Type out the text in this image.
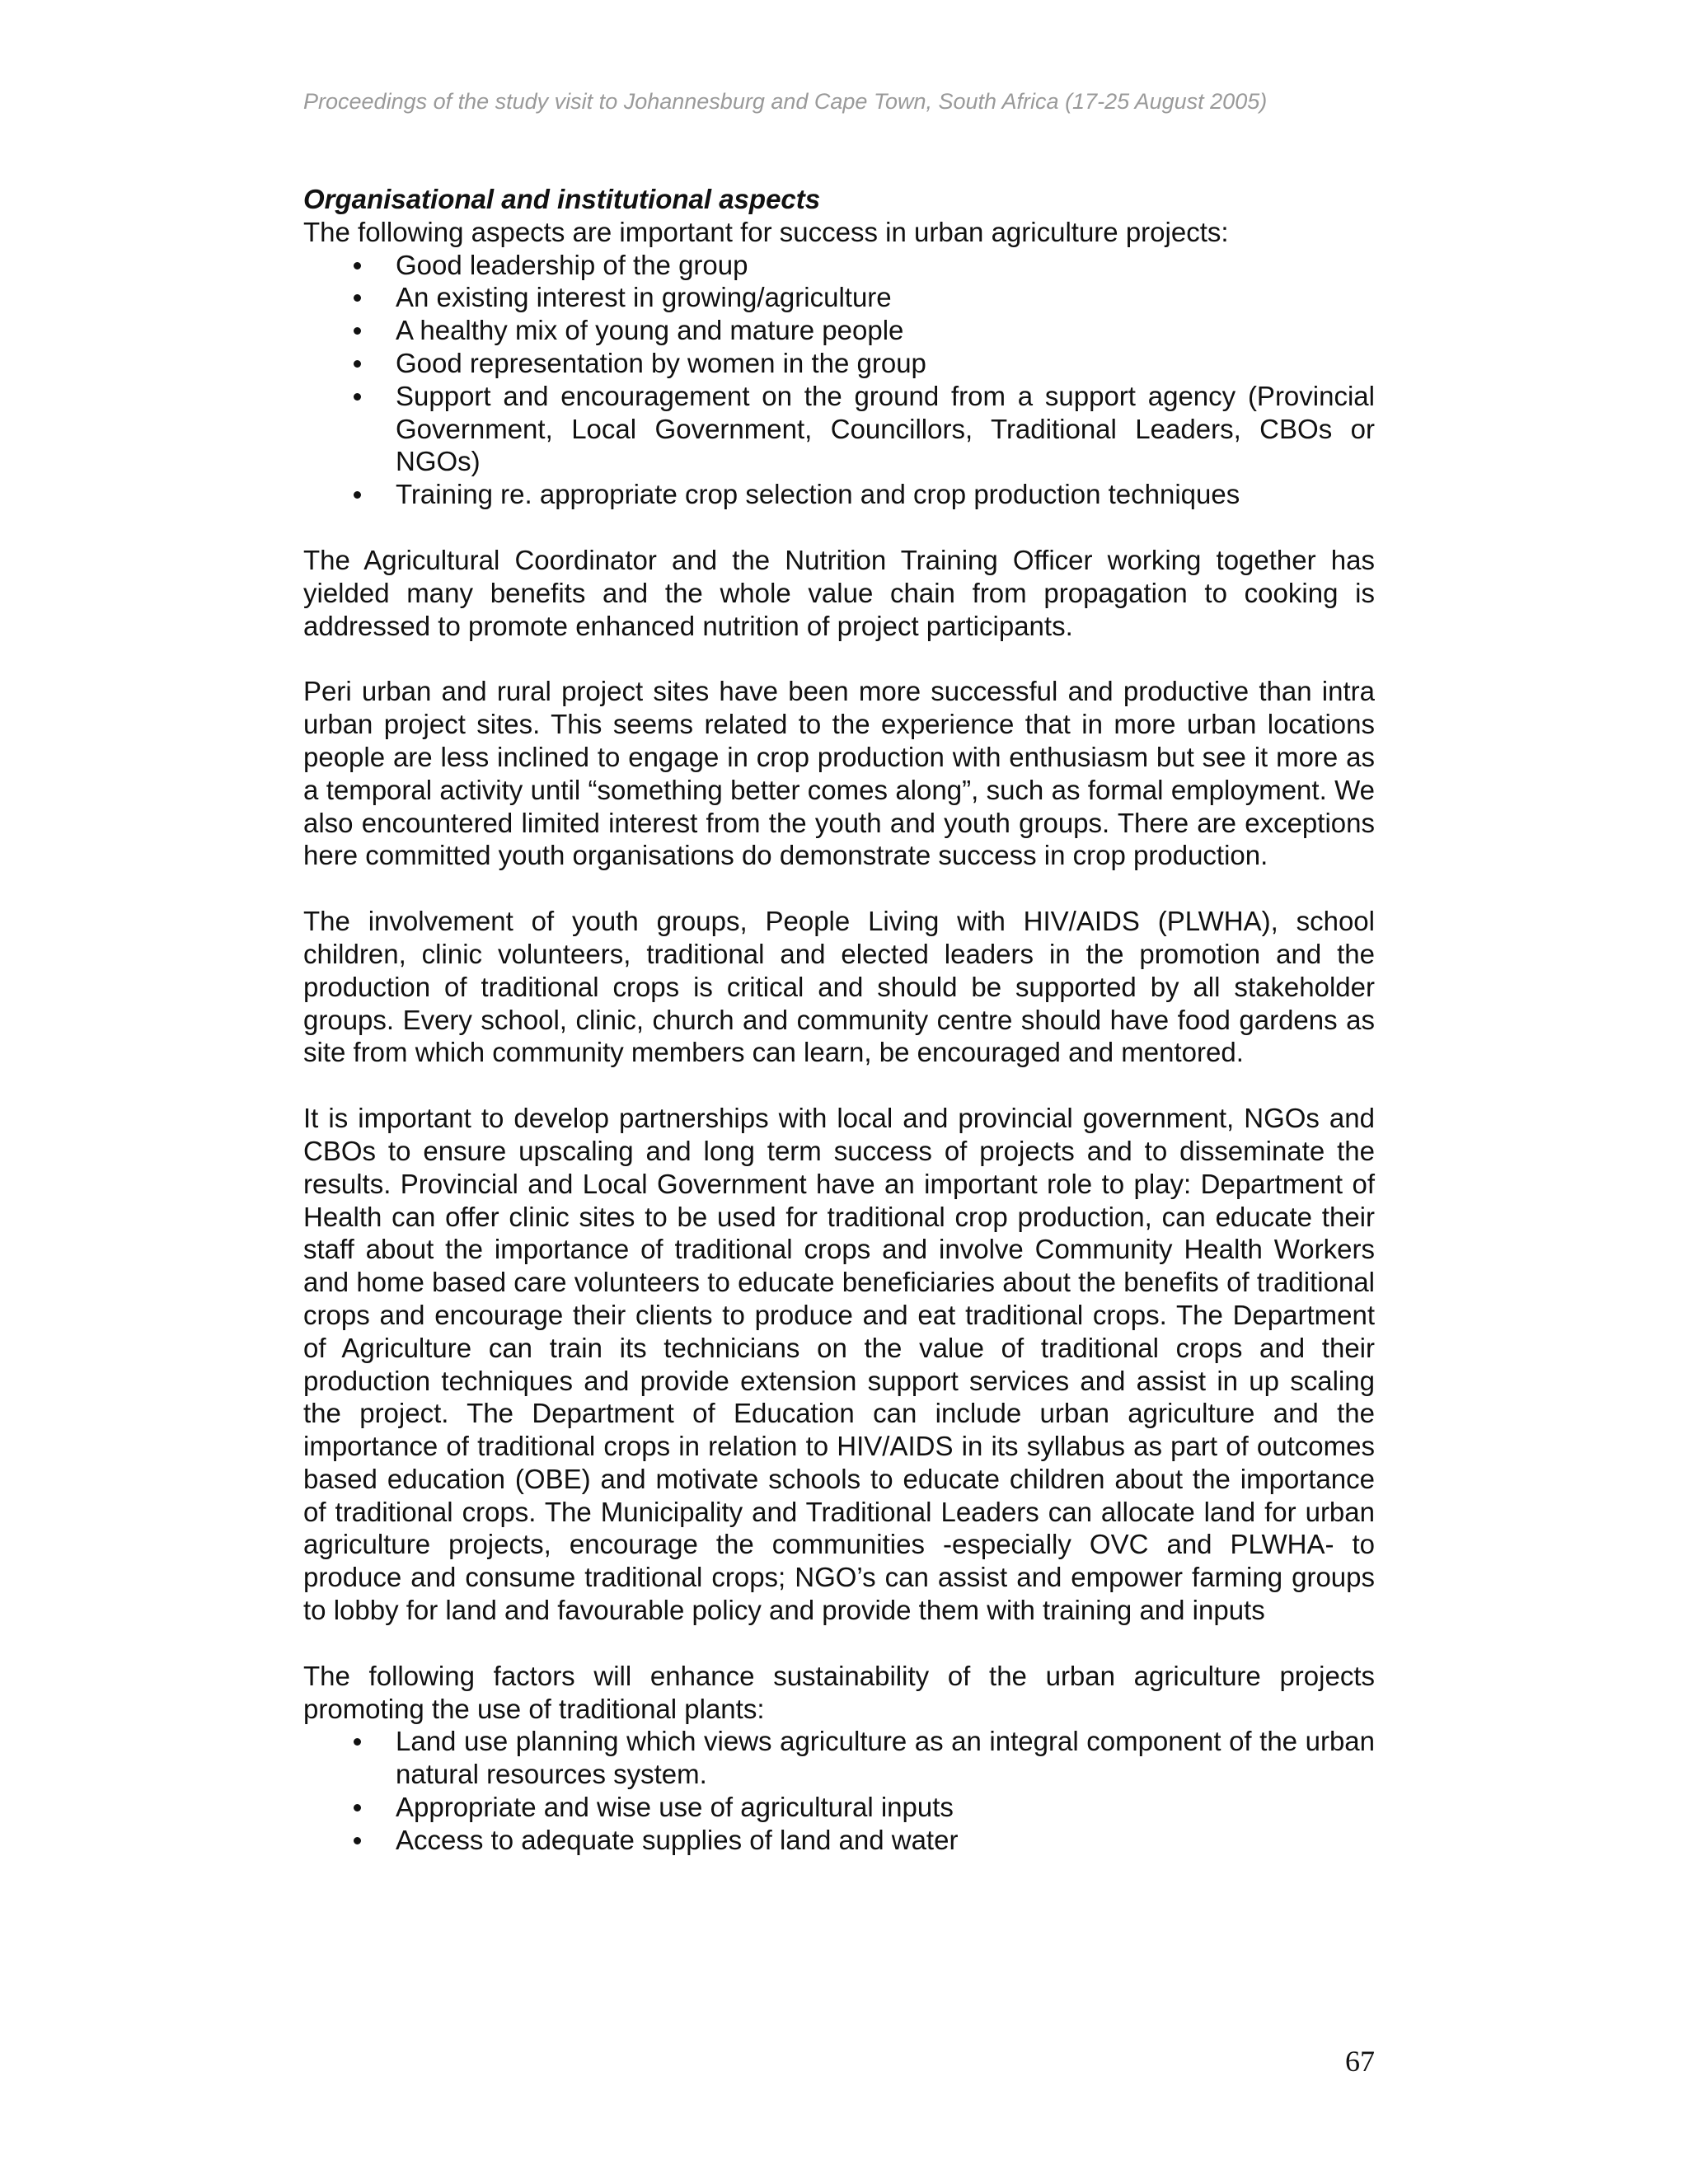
Proceedings of the study visit to Johannesburg and Cape Town, South Africa (17-25 August 2005)

Organisational and institutional aspects

The following aspects are important for success in urban agriculture projects:

Good leadership of the group
An existing interest in growing/agriculture
A healthy mix of young and mature people
Good representation by women in the group
Support and encouragement on the ground from a support agency (Provincial Government, Local Government, Councillors, Traditional Leaders, CBOs or NGOs)
Training re. appropriate crop selection and crop production techniques

The Agricultural Coordinator and the Nutrition Training Officer working together has yielded many benefits and the whole value chain from propagation to cooking is addressed to promote enhanced nutrition of project participants.

Peri urban and rural project sites have been more successful and productive than intra urban project sites. This seems related to the experience that in more urban locations people are less inclined to engage in crop production with enthusiasm but see it more as a temporal activity until “something better comes along”, such as formal employment. We also encountered limited interest from the youth and youth groups. There are exceptions here committed youth organisations do demonstrate success in crop production.

The involvement of youth groups, People Living with HIV/AIDS (PLWHA), school children, clinic volunteers, traditional and elected leaders in the promotion and the production of traditional crops is critical and should be supported by all stakeholder groups. Every school, clinic, church and community centre should have food gardens as site from which community members can learn, be encouraged and mentored.

It is important to develop partnerships with local and provincial government, NGOs and CBOs to ensure upscaling and long term success of projects and to disseminate the results. Provincial and Local Government have an important role to play: Department of Health can offer clinic sites to be used for traditional crop production, can educate their staff about the importance of traditional crops and involve Community Health Workers and home based care volunteers to educate beneficiaries about the benefits of traditional crops and encourage their clients to produce and eat traditional crops. The Department of Agriculture can train its technicians on the value of traditional crops and their production techniques and provide extension support services and assist in up scaling the project. The Department of Education can include urban agriculture and the importance of traditional crops in relation to HIV/AIDS in its syllabus as part of outcomes based education (OBE) and motivate schools to educate children about the importance of traditional crops. The Municipality and Traditional Leaders can allocate land for urban agriculture projects, encourage the communities -especially OVC and PLWHA- to produce and consume traditional crops; NGO’s can assist and empower farming groups to lobby for land and favourable policy and provide them with training and inputs

The following factors will enhance sustainability of the urban agriculture projects promoting the use of traditional plants:

Land use planning which views agriculture as an integral component of the urban natural resources system.
Appropriate and wise use of agricultural inputs
Access to adequate supplies of land and water
67
